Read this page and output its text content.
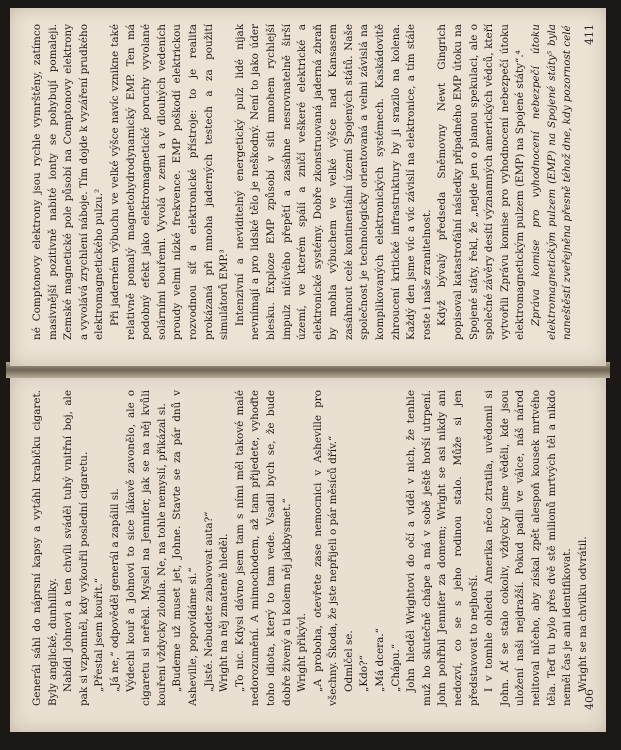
Generál sáhl do náprsní kapsy a vytáhl krabičku cigaret. Byly anglické, dunhillky. Nabídl Johnovi a ten chvíli sváděl tuhý vnitřní boj, ale pak si vzpomněl, kdy vykouřil poslední cigaretu. „Přestal jsem kouřit.“ „Já ne,“ odpověděl generál a zapálil si. Výdechl kouř a Johnovi to sice lákavě zavonělo, ale o cigaretu si neřekl. Myslel na Jennifer, jak se na něj kvůli kouření vždycky zlobila. Ne, na tohle nemyslí, přikázal si. „Budeme už muset jet, Johne. Stavte se za pár dnů v Asheville, popovídáme si.“ „Jisté. Nebudete zabavovat auta?“ Wright na něj zmateně hleděl. „To nic. Kdysi dávno jsem tam s ními měl takové malé nedorozumění. A mimochodem, až tam přijedete, vyhoďte toho idiota, který to tam vede. Vsadil bych se, že bude dobře živený a ti kolem něj jakbysmet.“ Wright přikývl. „A proboha, otevřete zase nemocnici v Asheville pro všechny. Škoda, že jste nepřijeli o pár měsíců dřív.“ Odmlčel se. „Kdo?“ „Má dcera.“ „Chápu.“ John hleděl Wrightovi do očí a viděl v nich, že tenhle muž ho skutečně chápe a má v sobě ještě horší utrpení. John pohřbil Jennifer za domem; Wright se asi nikdy ani nedozví, co se s jeho rodinou stalo. Může si jen představovat to nejhorší. I v tomhle ohledu Amerika něco ztratila, uvědomil si John. Ať se stalo cokoliv, vždycky jsme věděli, kde jsou uložení naši nejdražší. Pokud padli ve válce, náš národ nelitoval ničeho, aby získal zpět alespoň kousek mrtvého těla. Teď tu bylo přes dvě stě milionů mrtvých těl a nikdo neměl čas je ani identifikovat. Wright se na chvilku odvrátil.

406

né Comptonovy elektrony jsou rychle vymrštěny, zatímco masivnější pozitivně nabité ionty se pohybují pomaleji. Zemské magnetické pole působí na Comptonovy elektrony a vyvolává zrychlení náboje. Tím dojde k vyzáření prudkého elektromagnetického pulzu.² Při jaderném výbuchu ve velké výšce navíc vznikne také relativně pomalý magnetohydrodynamický EMP. Ten má podobný efekt jako elektromagnetické poruchy vyvolané solárními bouřemi. Vyvolá v zemi a v dlouhých vedeních proudy velmi nízké frekvence. EMP poškodí elektrickou rozvodnou síť a elektronické přístroje: to je realita prokázaná při mnoha jaderných testech a za použití simulátorů EMP.³ Intenzivní a neviditelný energetický pulz lidé nijak nevnímají a pro lidské tělo je neškodný. Není to jako úder blesku. Exploze EMP způsobí v síti mnohem rychlejší impulz ničivého přepětí a zasáhne nesrovnatelně širší území, ve kterém spálí a zničí veškeré elektrické a elektronické systémy. Dobře zkonstruovaná jaderná zbraň by mohla výbuchem ve velké výšce nad Kansasem zasáhnout celé kontinentální území Spojených států. Naše společnost je technologicky orientovaná a velmi závislá na komplikovaných elektronických systémech. Kaskádovitě zhroucení kritické infrastruktury by ji srazilo na kolena. Každý den jsme víc a víc závislí na elektronice, a tím stále roste i naše zranitelnost. Když bývalý předseda Sněmovny Newt Gingrich popisoval katastrofální následky případného EMP útoku na Spojené státy, řekl, že „nejde jen o planou spekulaci, ale o společné závěry desítí významných amerických vědců, kteří vytvořili Zprávu komise pro vyhodnocení nebezpečí útoku elektromagnetickým pulzem (EMP) na Spojené státy“.⁴ Zpráva komise pro vyhodnocení nebezpečí útoku elektromagnetickým pulzem (EMP) na Spojené státy⁵ byla naneštěstí zveřejněna přesně téhož dne, kdy pozornost celé 411
